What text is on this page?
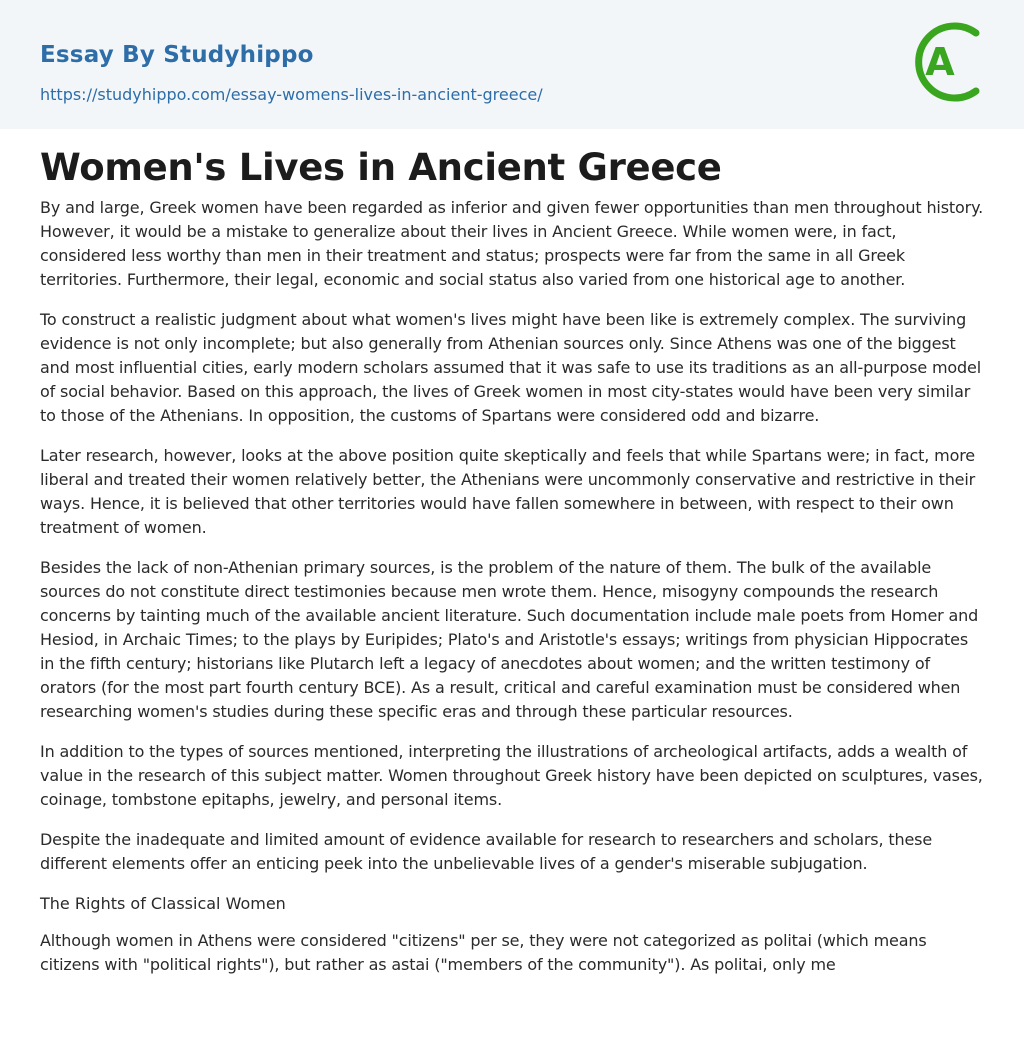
Essay By Studyhippo
https://studyhippo.com/essay-womens-lives-in-ancient-greece/
A
Women's Lives in Ancient Greece

By and large, Greek women have been regarded as inferior and given fewer opportunities than men throughout history. However, it would be a mistake to generalize about their lives in Ancient Greece. While women were, in fact, considered less worthy than men in their treatment and status; prospects were far from the same in all Greek territories. Furthermore, their legal, economic and social status also varied from one historical age to another.

To construct a realistic judgment about what women's lives might have been like is extremely complex. The surviving evidence is not only incomplete; but also generally from Athenian sources only. Since Athens was one of the biggest and most influential cities, early modern scholars assumed that it was safe to use its traditions as an all-purpose model of social behavior. Based on this approach, the lives of Greek women in most city-states would have been very similar to those of the Athenians. In opposition, the customs of Spartans were considered odd and bizarre.

Later research, however, looks at the above position quite skeptically and feels that while Spartans were; in fact, more liberal and treated their women relatively better, the Athenians were uncommonly conservative and restrictive in their ways. Hence, it is believed that other territories would have fallen somewhere in between, with respect to their own treatment of women.

Besides the lack of non-Athenian primary sources, is the problem of the nature of them. The bulk of the available sources do not constitute direct testimonies because men wrote them. Hence, misogyny compounds the research concerns by tainting much of the available ancient literature. Such documentation include male poets from Homer and Hesiod, in Archaic Times; to the plays by Euripides; Plato's and Aristotle's essays; writings from physician Hippocrates in the fifth century; historians like Plutarch left a legacy of anecdotes about women; and the written testimony of orators (for the most part fourth century BCE). As a result, critical and careful examination must be considered when researching women's studies during these specific eras and through these particular resources.

In addition to the types of sources mentioned, interpreting the illustrations of archeological artifacts, adds a wealth of value in the research of this subject matter. Women throughout Greek history have been depicted on sculptures, vases, coinage, tombstone epitaphs, jewelry, and personal items.

Despite the inadequate and limited amount of evidence available for research to researchers and scholars, these different elements offer an enticing peek into the unbelievable lives of a gender's miserable subjugation.

The Rights of Classical Women

Although women in Athens were considered "citizens" per se, they were not categorized as politai (which means citizens with "political rights"), but rather as astai ("members of the community"). As politai, only me
